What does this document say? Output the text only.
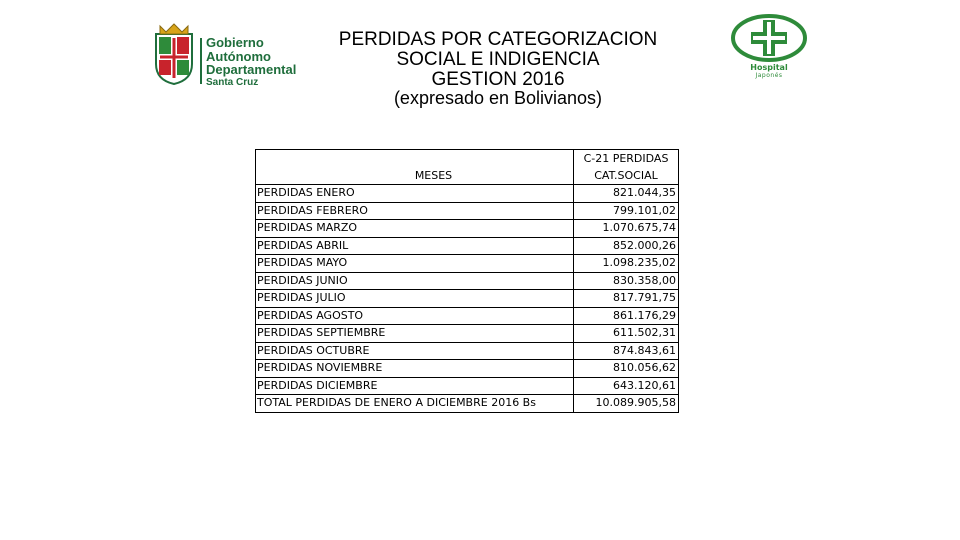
Gobierno
Autónomo
Departamental
Santa Cruz
PERDIDAS POR CATEGORIZACION
SOCIAL E INDIGENCIA
GESTION 2016
(expresado en Bolivianos)
Hospital
Japonés
MESES	C-21 PERDIDAS
CAT.SOCIAL

PERDIDAS ENERO	821.044,35
PERDIDAS FEBRERO	799.101,02
PERDIDAS MARZO	1.070.675,74
PERDIDAS ABRIL	852.000,26
PERDIDAS MAYO	1.098.235,02
PERDIDAS JUNIO	830.358,00
PERDIDAS JULIO	817.791,75
PERDIDAS AGOSTO	861.176,29
PERDIDAS SEPTIEMBRE	611.502,31
PERDIDAS OCTUBRE	874.843,61
PERDIDAS NOVIEMBRE	810.056,62
PERDIDAS DICIEMBRE	643.120,61
TOTAL PERDIDAS DE ENERO A DICIEMBRE 2016 Bs	10.089.905,58
